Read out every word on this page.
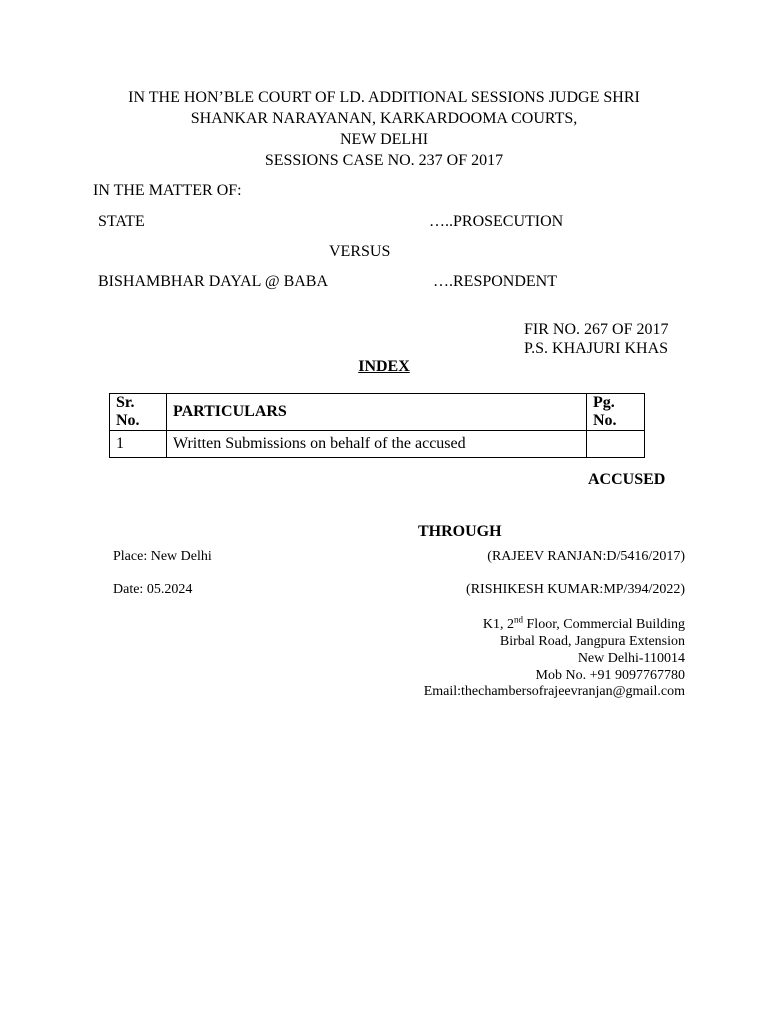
IN THE HON’BLE COURT OF LD. ADDITIONAL SESSIONS JUDGE SHRI
SHANKAR NARAYANAN, KARKARDOOMA COURTS,
NEW DELHI
SESSIONS CASE NO. 237 OF 2017
IN THE MATTER OF:
STATE	…..PROSECUTION
VERSUS
BISHAMBHAR DAYAL @ BABA	….RESPONDENT
FIR NO. 267 OF 2017
P.S. KHAJURI KHAS
INDEX
Sr. No.	PARTICULARS	Pg. No.
1	Written Submissions on behalf of the accused	
ACCUSED
THROUGH
Place: New Delhi
Date: 05.2024
(RAJEEV RANJAN:D/5416/2017)
(RISHIKESH KUMAR:MP/394/2022)
K1, 2nd Floor, Commercial Building
Birbal Road, Jangpura Extension
New Delhi-110014
Mob No. +91 9097767780
Email:thechambersofrajeevranjan@gmail.com
